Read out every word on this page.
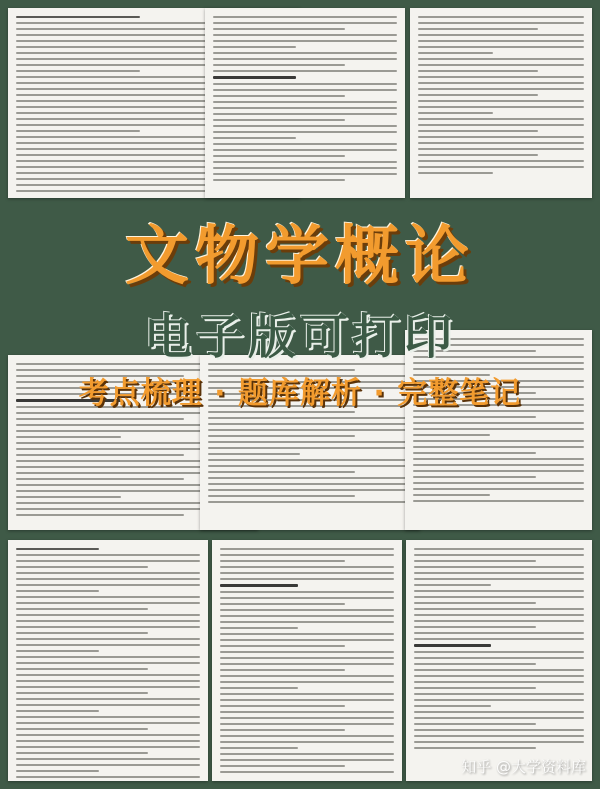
文物学概论
电子版可打印
考点梳理 · 题库解析 · 完整笔记
知乎 @大学资料库
